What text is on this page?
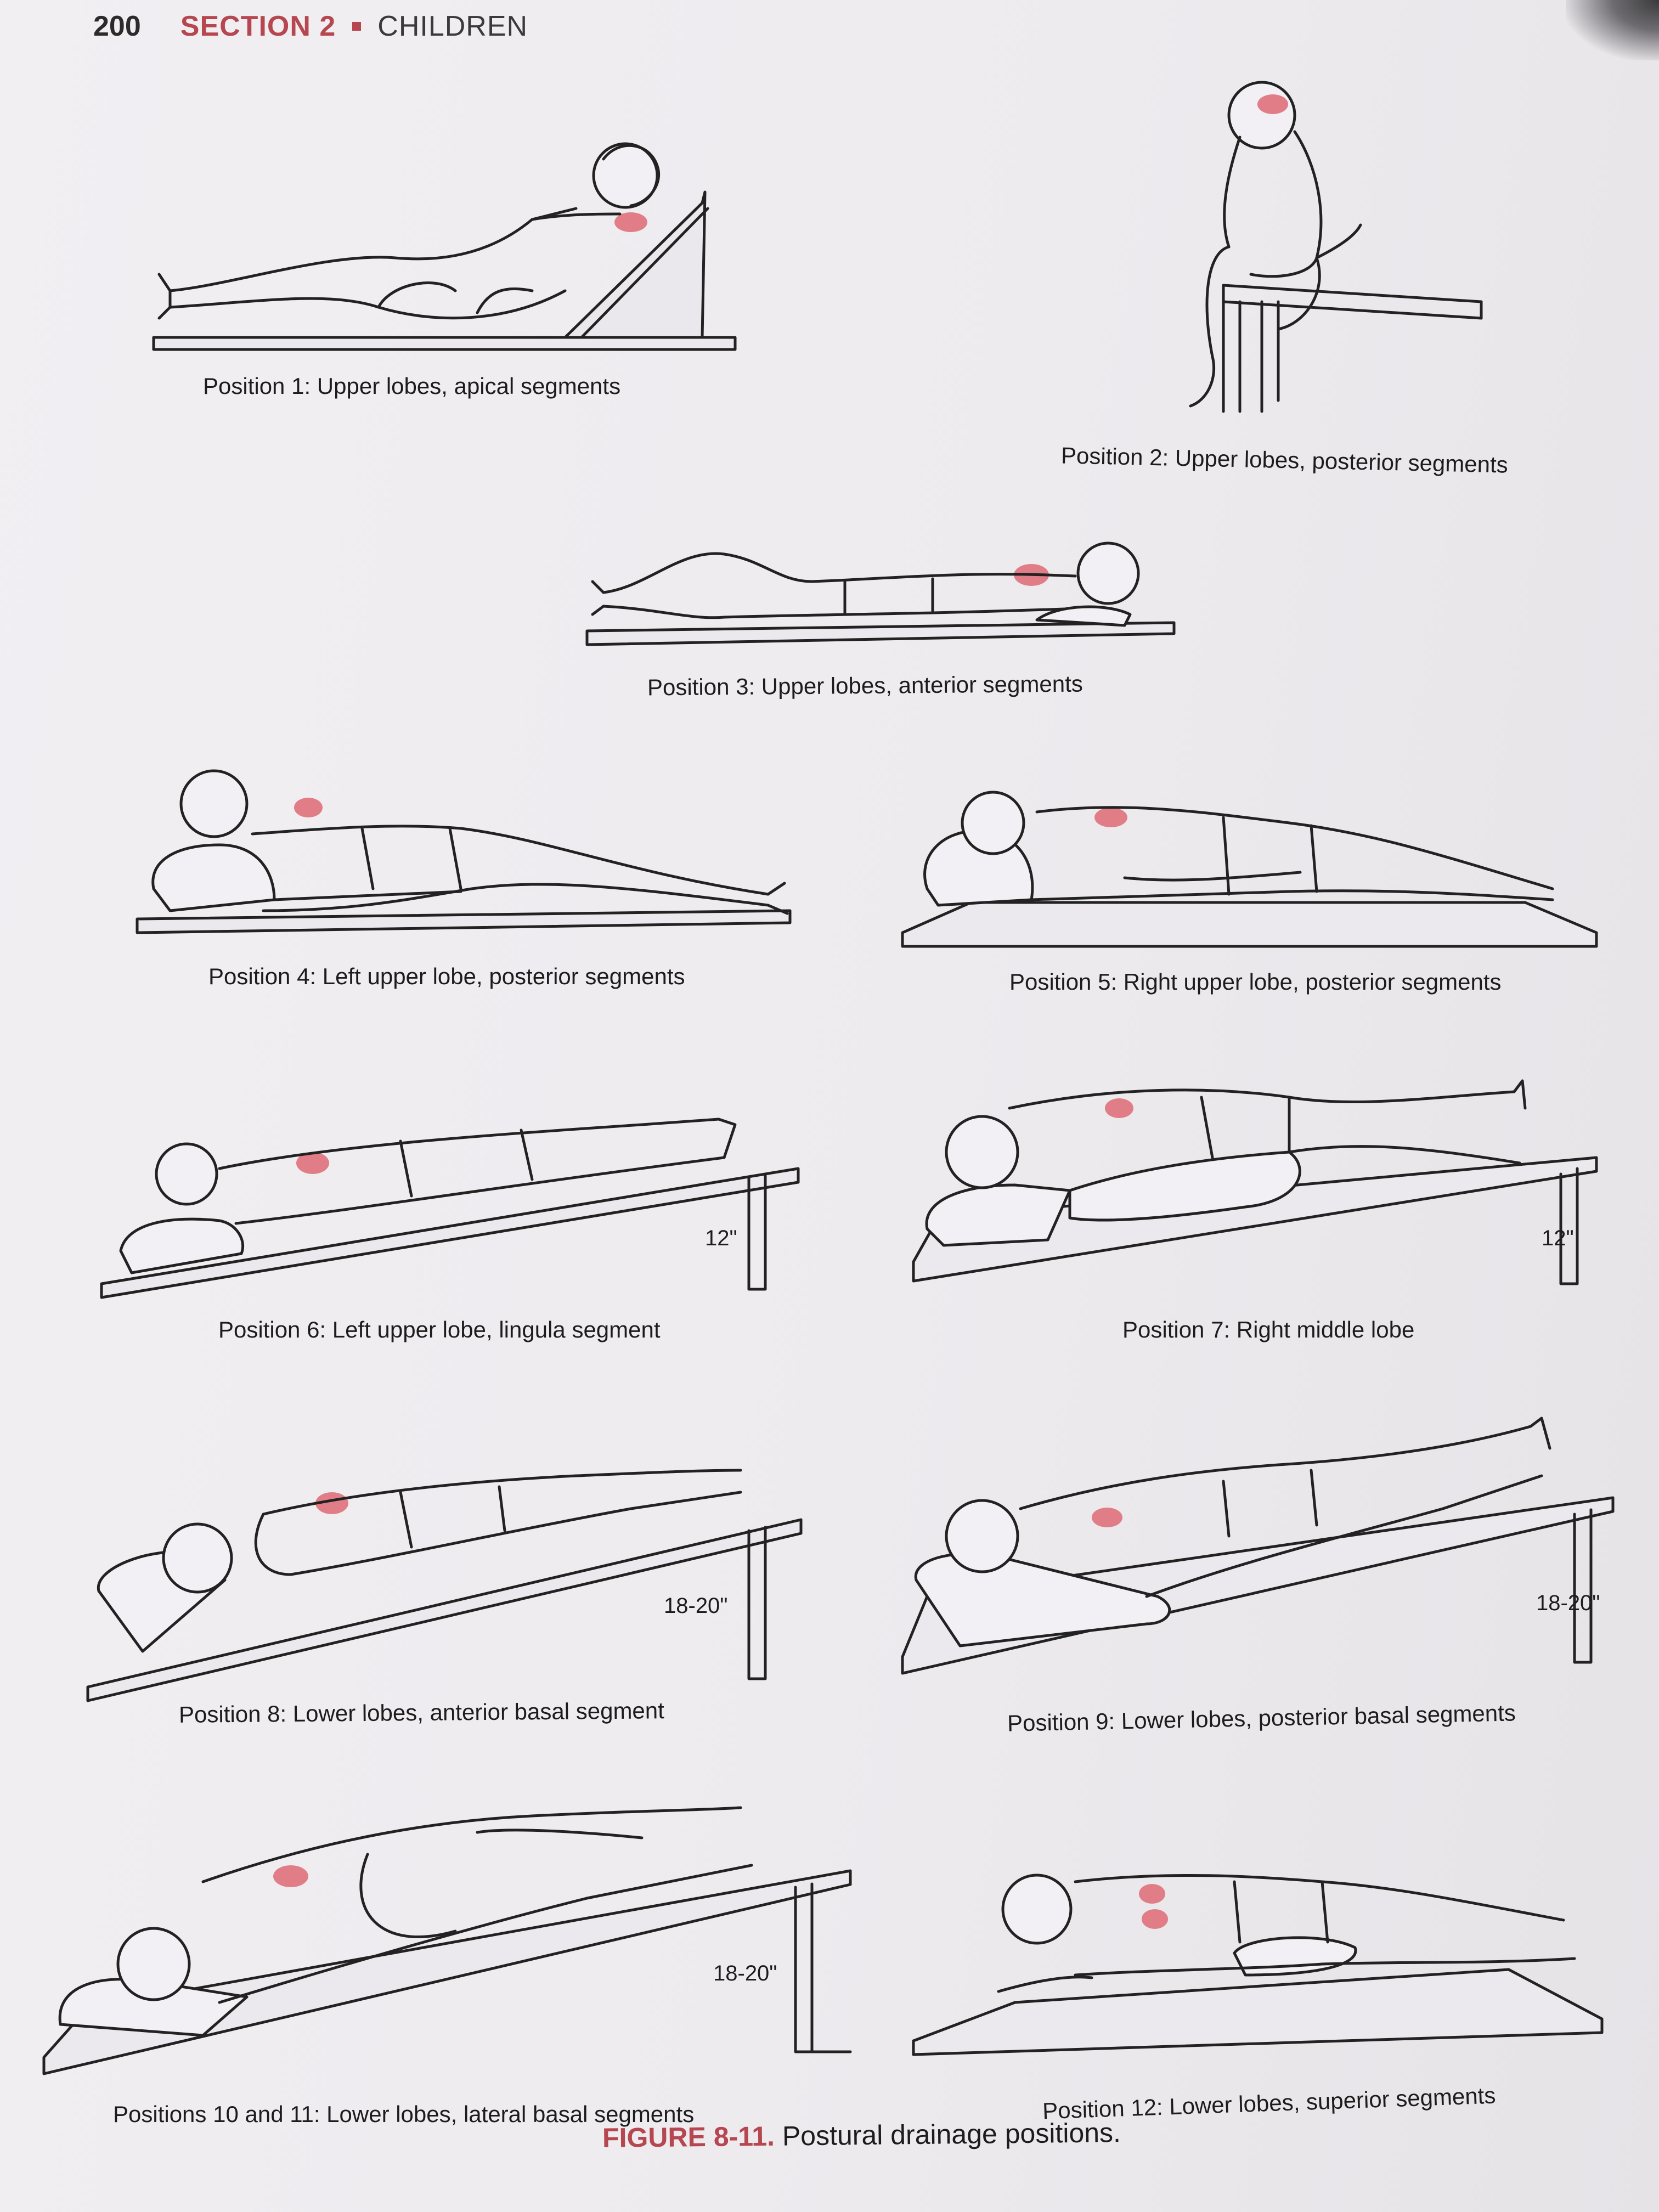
200 SECTION 2 CHILDREN
Position 1: Upper lobes, apical segments
Position 2: Upper lobes, posterior segments
Position 3: Upper lobes, anterior segments
Position 4: Left upper lobe, posterior segments	Position 5: Right upper lobe, posterior segments
12"
Position 6: Left upper lobe, lingula segment
12"
Position 7: Right middle lobe
18-20"
Position 8: Lower lobes, anterior basal segment
18-20"
Position 9: Lower lobes, posterior basal segments
18-20"
Positions 10 and 11: Lower lobes, lateral basal segments	Position 12: Lower lobes, superior segments
FIGURE 8-11. Postural drainage positions.
